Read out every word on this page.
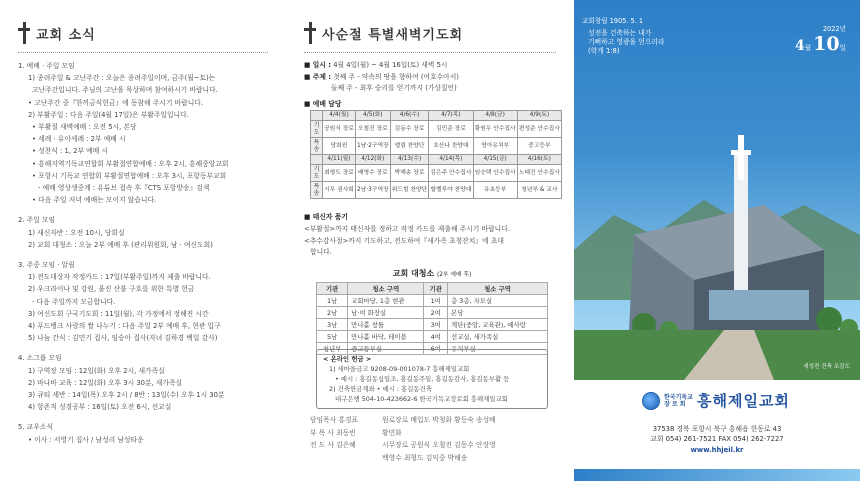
교회 소식
1. 예배 · 주일 모임
1) 종려주일 & 고난주간 : 오늘은 종려주일이며, 금주(월~토)는
고난주간입니다. 주님의 고난을 묵상하며 참여하시기 바랍니다.
• 고난주간 중『한끼금식헌금』에 동참해 주시기 바랍니다.
2) 부활주일 : 다음 주일(4월 17일)은 부활주일입니다.
• 부활절 새벽예배 : 오전 5시, 본당
• 세례 · 유아세례 : 2부 예배 시
• 성찬식 : 1, 2부 예배 시
• 흥해지역기독교연합회 부활절연합예배 : 오후 2시, 흥해중앙교회
• 포항시 기독교 연합회 부활절연합예배 : 오후 3시, 포항동부교회
- 예배 영상생중계 : 유튜브 접속 후『CTS 포항방송』검색
• 다음 주일 저녁 예배는 모이지 않습니다.
2. 주일 모임
1) 새신자반 : 오전 10시, 당회실
2) 교회 대청소 : 오늘 2부 예배 후 (관리위원회, 남 · 여신도회)
3. 주중 모임 · 알림
1) 전도대상자 작정카드 : 17일(부활주일)까지 제출 바랍니다.
2) 우크라이나 및 강원, 울진 산불 구호를 위한 특별 헌금
- 다음 주일까지 모금합니다.
3) 여신도회 구국기도회 : 11일(월), 각 가정에서 정해진 시간
4) 푸드뱅크 사랑의 쌀 나누기 : 다음 주일 2부 예배 후, 현관 입구
5) 나눔 간식 : 김민기 집사, 임승아 집사(자녀 김하경 백일 감사)
4. 소그룹 모임
1) 구역장 모임 : 12일(화) 오후 2시, 새가족실
2) 바나바 교육 : 12일(화) 오후 3시 30분, 새가족실
3) 큐티 세반 : 14일(목) 오후 2시 / 8반 : 13일(수) 오후 1시 30분
4) 항존직 성경공부 : 16일(토) 오전 6시, 선교실
5. 교우소식
• 이사 : 서영기 집사 / 남성리 남성타운
사순절 특별새벽기도회
■ 일시 : 4월 4일(월) ~ 4월 16일(토) 새벽 5시
■ 주제 : 첫째 주 - 약속의 땅을 향하여 (여호수아서)
둘째 주 - 최후 승리를 얻기까지 (가상칠언)
■ 예배 담당
	4/4(월)	4/5(화)	4/6(수)	4/7(목)	4/8(금)	4/9(토)
기도	공원식 장로	오철진 장로	김동수 장로	김민준 장로	황원우 안수집사	편성준 안수집사
특송	당회원	1남·2구역장	엘림 찬양단	호산나 찬양대	영아유치부	중고등부
	4/11(월)	4/12(화)	4/13(수)	4/14(목)	4/15(금)	4/16(토)
기도	최형도 장로	배영수 장로	박해송 장로	김은주 안수집사	임승택 안수집사	노태진 안수집사
특송	시무 권사회	2남·3구역장	위드힘 찬양단	할렐루야 찬양대	유초등부	청년부 & 교사
■ 태신자 품기
<부활절>까지 태신자를 정하고 작정 카드를 제출해 주시기 바랍니다.
<추수감사절>까지 기도하고, 전도하여『새가족 초청잔치』에 초대
합니다.
교회 대청소 (2부 예배 후)
기관	청소 구역	기관	청소 구역
1남	교회마당, 1층 현관	1여	층 3층, 자모실
2남	남·여 화장실	2여	본당
3남	만나홀 창틀	3여	계단(중앙, 교육관), 예사랑
5남	만나홀 바닥, 테이블	4여	선교실, 새가족실
청년부	중고등부실	6여	유치부실
< 온라인 헌금 >
1) 새마을금고 9208-09-001078-7 흥해제일교회
• 예시 : 홍길동십일조, 홍길동주일, 홍길동감사, 홍길동부활 등
2) 건축헌금계좌 • 예시 : 홍길동건축
대구은행 504-10-423662-6 한국기독교장로회 흥해제일교회
담임목사 홍경표	원로장로 배입도 박청화 황등숙 송성배
부 목 사 최동빈	황민화
전 도 사 김은혜	시무장로 공원식 오철진 김동수 안장영
백영수 최형도 김익중 박해송
교회창립 1905. 5. 1
성전을 건축하는 내가
기뻐하고 영광을 얻으리라
(학개 1:8)
2022년
4월 10일
새성전 건축 조감도
한국기독교
장 로 회 흥해제일교회
37538 경북 포항시 북구 흥해읍 한동로 43
교회 054) 261-7521 FAX 054) 262-7227
www.hhjeil.kr
